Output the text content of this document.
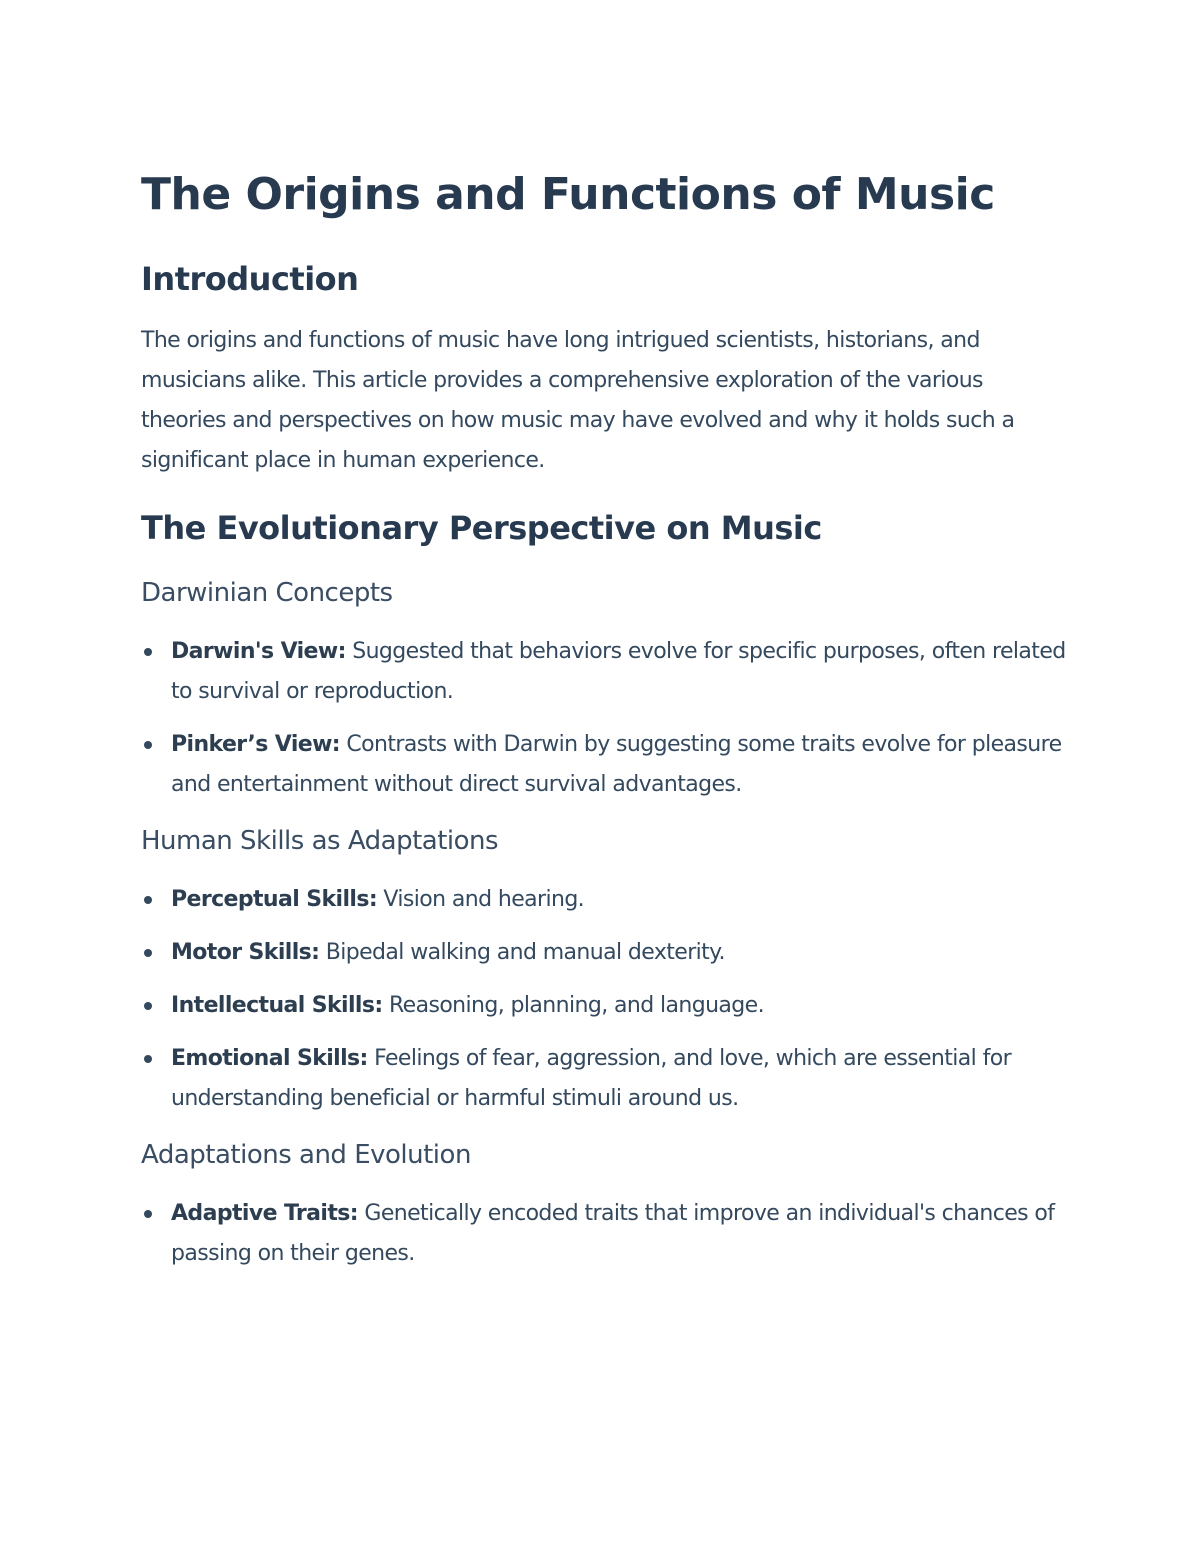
The Origins and Functions of Music
Introduction

The origins and functions of music have long intrigued scientists, historians, and musicians alike. This article provides a comprehensive exploration of the various theories and perspectives on how music may have evolved and why it holds such a significant place in human experience.

The Evolutionary Perspective on Music
Darwinian Concepts
Darwin's View: Suggested that behaviors evolve for specific purposes, often related to survival or reproduction.
Pinker’s View: Contrasts with Darwin by suggesting some traits evolve for pleasure and entertainment without direct survival advantages.
Human Skills as Adaptations
Perceptual Skills: Vision and hearing.
Motor Skills: Bipedal walking and manual dexterity.
Intellectual Skills: Reasoning, planning, and language.
Emotional Skills: Feelings of fear, aggression, and love, which are essential for understanding beneficial or harmful stimuli around us.
Adaptations and Evolution
Adaptive Traits: Genetically encoded traits that improve an individual's chances of passing on their genes.
